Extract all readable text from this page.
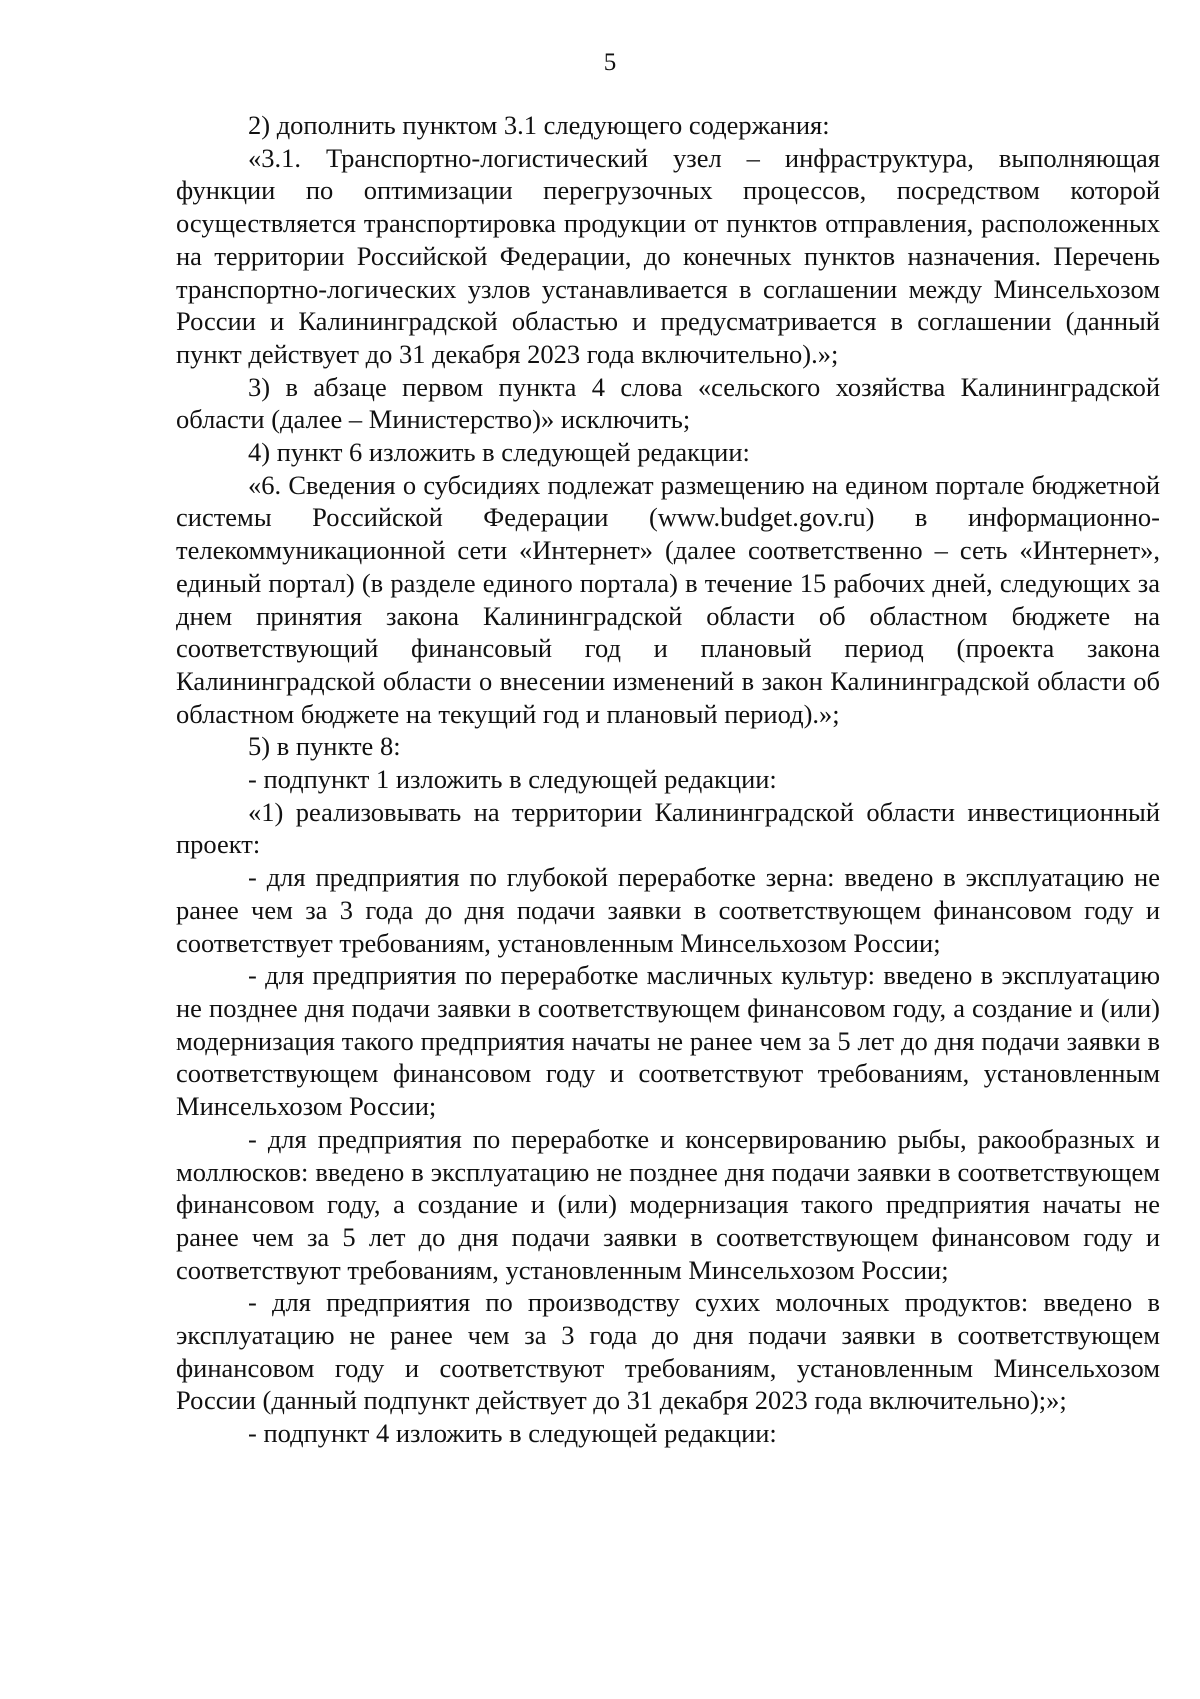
5

2) дополнить пунктом 3.1 следующего содержания:

«3.1. Транспортно-логистический узел – инфраструктура, выполняющая функции по оптимизации перегрузочных процессов, посредством которой осуществляется транспортировка продукции от пунктов отправления, расположенных на территории Российской Федерации, до конечных пунктов назначения. Перечень транспортно-логических узлов устанавливается в соглашении между Минсельхозом России и Калининградской областью и предусматривается в соглашении (данный пункт действует до 31 декабря 2023 года включительно).»;

3) в абзаце первом пункта 4 слова «сельского хозяйства Калининградской области (далее – Министерство)» исключить;

4) пункт 6 изложить в следующей редакции:

«6. Сведения о субсидиях подлежат размещению на едином портале бюджетной системы Российской Федерации (www.budget.gov.ru) в информационно-телекоммуникационной сети «Интернет» (далее соответственно – сеть «Интернет», единый портал) (в разделе единого портала) в течение 15 рабочих дней, следующих за днем принятия закона Калининградской области об областном бюджете на соответствующий финансовый год и плановый период (проекта закона Калининградской области о внесении изменений в закон Калининградской области об областном бюджете на текущий год и плановый период).»;

5) в пункте 8:

- подпункт 1 изложить в следующей редакции:

«1) реализовывать на территории Калининградской области инвестиционный проект:

- для предприятия по глубокой переработке зерна: введено в эксплуатацию не ранее чем за 3 года до дня подачи заявки в соответствующем финансовом году и соответствует требованиям, установленным Минсельхозом России;

- для предприятия по переработке масличных культур: введено в эксплуатацию не позднее дня подачи заявки в соответствующем финансовом году, а создание и (или) модернизация такого предприятия начаты не ранее чем за 5 лет до дня подачи заявки в соответствующем финансовом году и соответствуют требованиям, установленным Минсельхозом России;

- для предприятия по переработке и консервированию рыбы, ракообразных и моллюсков: введено в эксплуатацию не позднее дня подачи заявки в соответствующем финансовом году, а создание и (или) модернизация такого предприятия начаты не ранее чем за 5 лет до дня подачи заявки в соответствующем финансовом году и соответствуют требованиям, установленным Минсельхозом России;

- для предприятия по производству сухих молочных продуктов: введено в эксплуатацию не ранее чем за 3 года до дня подачи заявки в соответствующем финансовом году и соответствуют требованиям, установленным Минсельхозом России (данный подпункт действует до 31 декабря 2023 года включительно);»;

- подпункт 4 изложить в следующей редакции:
